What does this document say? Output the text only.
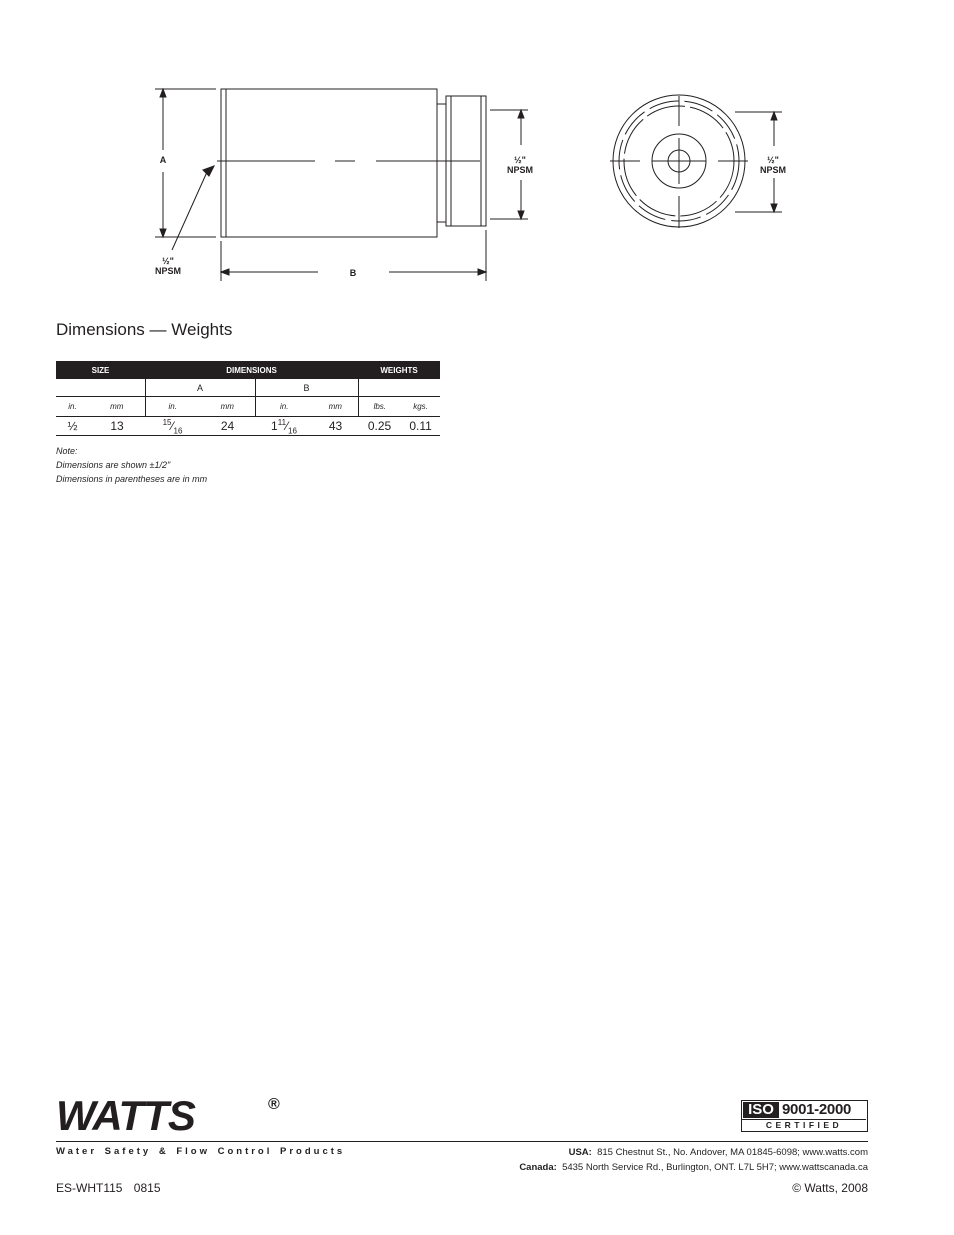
A
B
½"
NPSM
½"
NPSM
½"
NPSM
Dimensions — Weights
SIZE		DIMENSIONS				WEIGHTS	
		A		B			
in.	mm	in.	mm	in.	mm	lbs.	kgs.
½	13	$^{15}⁄_{16}$	24	$1^{11}⁄_{16}$	43	0.25	0.11
Note:
Dimensions are shown ±1/2"
Dimensions in parentheses are in mm
WATTS	®	ISO 9001-2000
CERTIFIED
Water Safety & Flow Control Products	USA: 815 Chestnut St., No. Andover, MA 01845-6098; www.watts.com
Canada: 5435 North Service Rd., Burlington, ONT. L7L 5H7; www.wattscanada.ca
ES-WHT115 0815	© Watts, 2008
